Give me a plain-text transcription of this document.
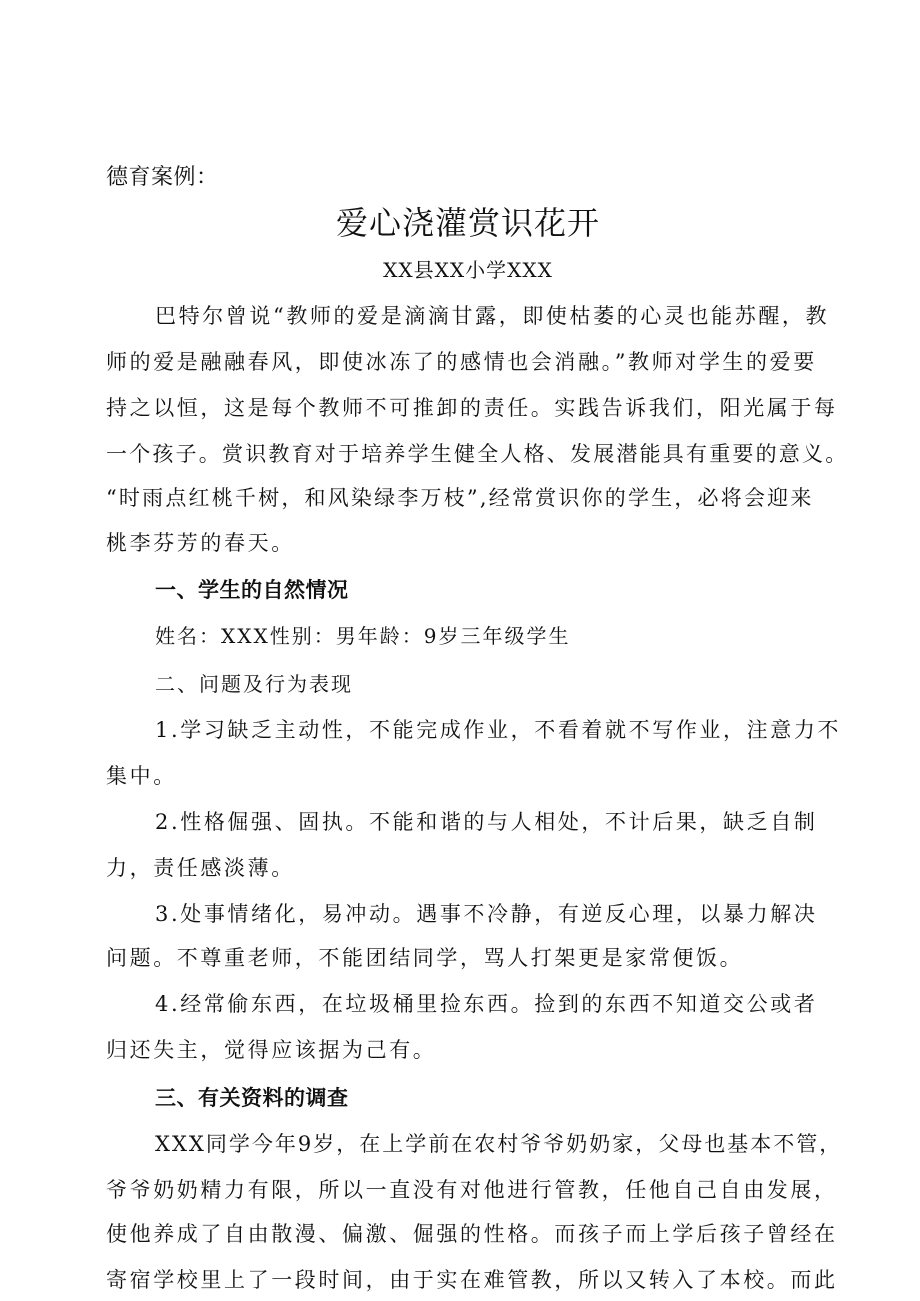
德育案例：
爱心浇灌赏识花开
XX县XX小学XXX
巴特尔曾说“教师的爱是滴滴甘露，即使枯萎的心灵也能苏醒，教
师的爱是融融春风，即使冰冻了的感情也会消融。”教师对学生的爱要
持之以恒，这是每个教师不可推卸的责任。实践告诉我们，阳光属于每
一个孩子。赏识教育对于培养学生健全人格、发展潜能具有重要的意义。
“时雨点红桃千树，和风染绿李万枝”,经常赏识你的学生，必将会迎来
桃李芬芳的春天。
一、学生的自然情况
姓名：XXX性别：男年龄：9岁三年级学生
二、问题及行为表现
1.学习缺乏主动性，不能完成作业，不看着就不写作业，注意力不
集中。
2.性格倔强、固执。不能和谐的与人相处，不计后果，缺乏自制
力，责任感淡薄。
3.处事情绪化，易冲动。遇事不冷静，有逆反心理，以暴力解决
问题。不尊重老师，不能团结同学，骂人打架更是家常便饭。
4.经常偷东西，在垃圾桶里捡东西。捡到的东西不知道交公或者
归还失主，觉得应该据为己有。
三、有关资料的调查
XXX同学今年9岁，在上学前在农村爷爷奶奶家，父母也基本不管，
爷爷奶奶精力有限，所以一直没有对他进行管教，任他自己自由发展，
使他养成了自由散漫、偏激、倔强的性格。而孩子而上学后孩子曾经在
寄宿学校里上了一段时间，由于实在难管教，所以又转入了本校。而此
